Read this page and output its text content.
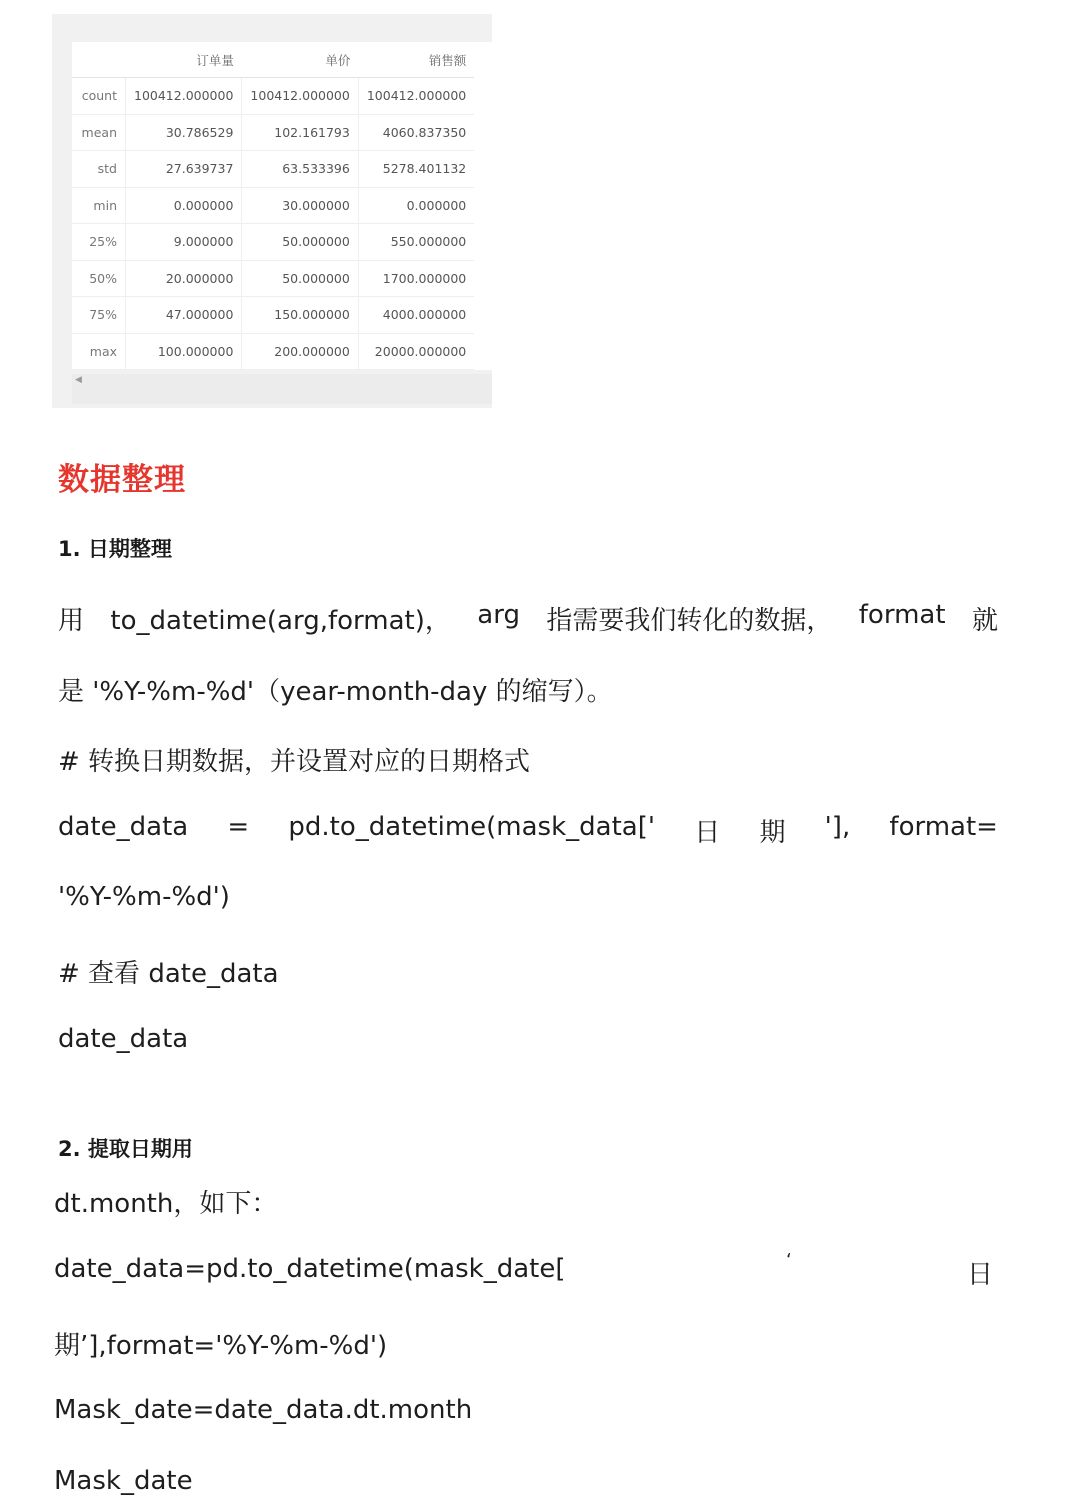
	订单量	单价	销售额
count	100412.000000	100412.000000	100412.000000
mean	30.786529	102.161793	4060.837350
std	27.639737	63.533396	5278.401132
min	0.000000	30.000000	0.000000
25%	9.000000	50.000000	550.000000
50%	20.000000	50.000000	1700.000000
75%	47.000000	150.000000	4000.000000
max	100.000000	200.000000	20000.000000
◀
数据整理
1. 日期整理

用 to_datetime(arg,format)， arg 指需要我们转化的数据， format 就

是 '%Y-%m-%d'（year-month-day 的缩写）。

# 转换日期数据，并设置对应的日期格式

date_data = pd.to_datetime(mask_data[' 日 期 '], format=

'%Y-%m-%d')

# 查看 date_data

date_data

2. 提取日期用

dt.month，如下：

date_data=pd.to_datetime(mask_date[	‘	日

期’],format='%Y-%m-%d')

Mask_date=date_data.dt.month

Mask_date
